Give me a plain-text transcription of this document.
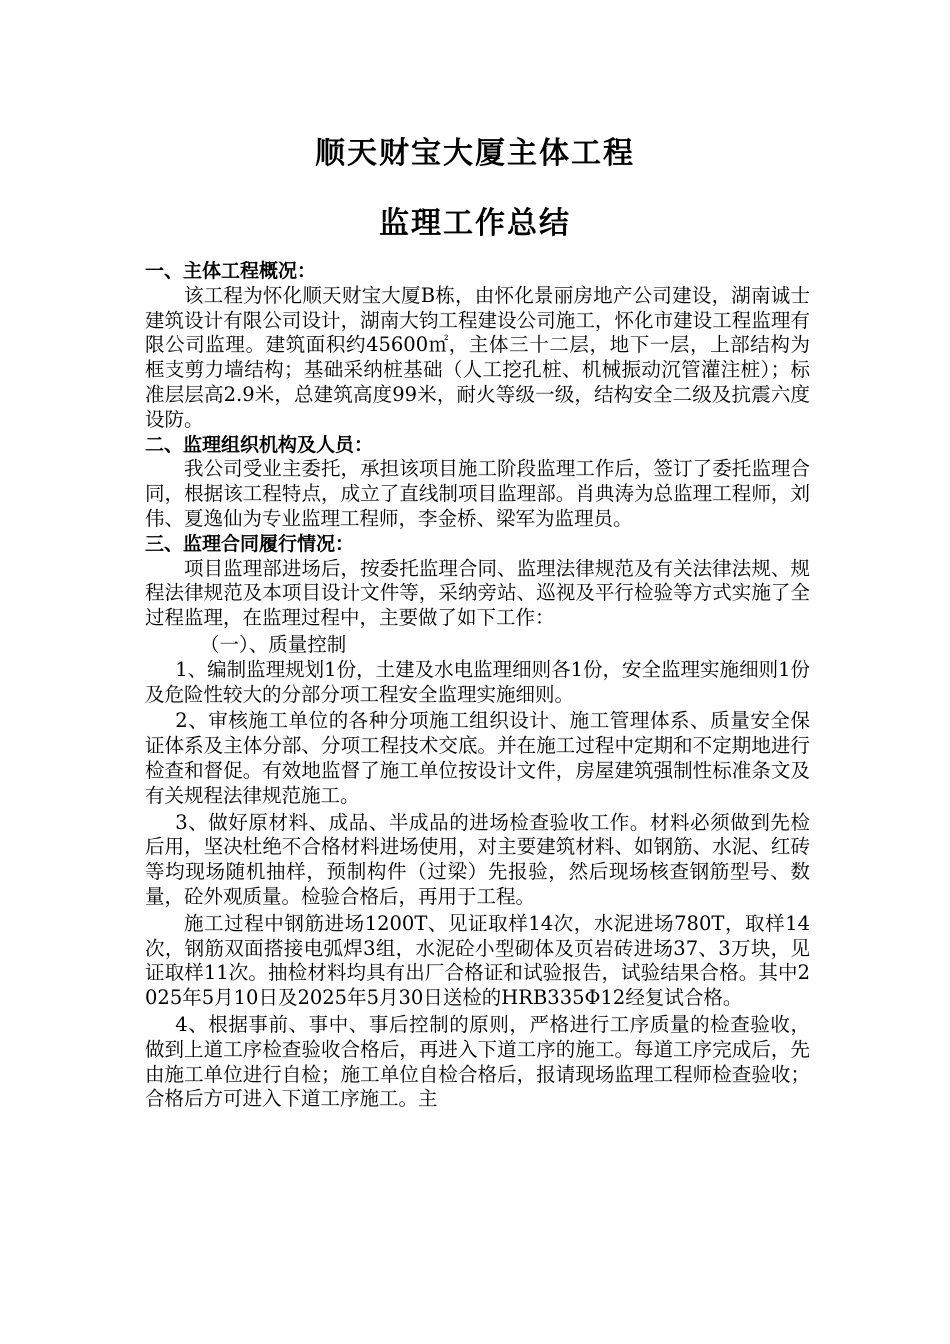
顺天财宝大厦主体工程
监理工作总结
一、主体工程概况：
该工程为怀化顺天财宝大厦B栋，由怀化景丽房地产公司建设，湖南诚士建筑设计有限公司设计，湖南大钧工程建设公司施工，怀化市建设工程监理有限公司监理。建筑面积约45600㎡，主体三十二层，地下一层，上部结构为框支剪力墙结构；基础采纳桩基础（人工挖孔桩、机械振动沉管灌注桩）；标准层层高2.9米，总建筑高度99米，耐火等级一级，结构安全二级及抗震六度设防。
二、监理组织机构及人员：
我公司受业主委托，承担该项目施工阶段监理工作后，签订了委托监理合同，根据该工程特点，成立了直线制项目监理部。肖典涛为总监理工程师，刘伟、夏逸仙为专业监理工程师，李金桥、梁军为监理员。
三、监理合同履行情况：
项目监理部进场后，按委托监理合同、监理法律规范及有关法律法规、规程法律规范及本项目设计文件等，采纳旁站、巡视及平行检验等方式实施了全过程监理，在监理过程中，主要做了如下工作：
（一）、质量控制
1、编制监理规划1份，土建及水电监理细则各1份，安全监理实施细则1份及危险性较大的分部分项工程安全监理实施细则。
2、审核施工单位的各种分项施工组织设计、施工管理体系、质量安全保证体系及主体分部、分项工程技术交底。并在施工过程中定期和不定期地进行检查和督促。有效地监督了施工单位按设计文件，房屋建筑强制性标准条文及有关规程法律规范施工。
3、做好原材料、成品、半成品的进场检查验收工作。材料必须做到先检后用，坚决杜绝不合格材料进场使用，对主要建筑材料、如钢筋、水泥、红砖等均现场随机抽样，预制构件（过梁）先报验，然后现场核查钢筋型号、数量，砼外观质量。检验合格后，再用于工程。
施工过程中钢筋进场1200T、见证取样14次，水泥进场780T，取样14次，钢筋双面搭接电弧焊3组，水泥砼小型砌体及页岩砖进场37、3万块，见证取样11次。抽检材料均具有出厂合格证和试验报告，试验结果合格。其中2025年5月10日及2025年5月30日送检的HRB335Φ12经复试合格。
4、根据事前、事中、事后控制的原则，严格进行工序质量的检查验收，做到上道工序检查验收合格后，再进入下道工序的施工。每道工序完成后，先由施工单位进行自检；施工单位自检合格后，报请现场监理工程师检查验收；合格后方可进入下道工序施工。主
